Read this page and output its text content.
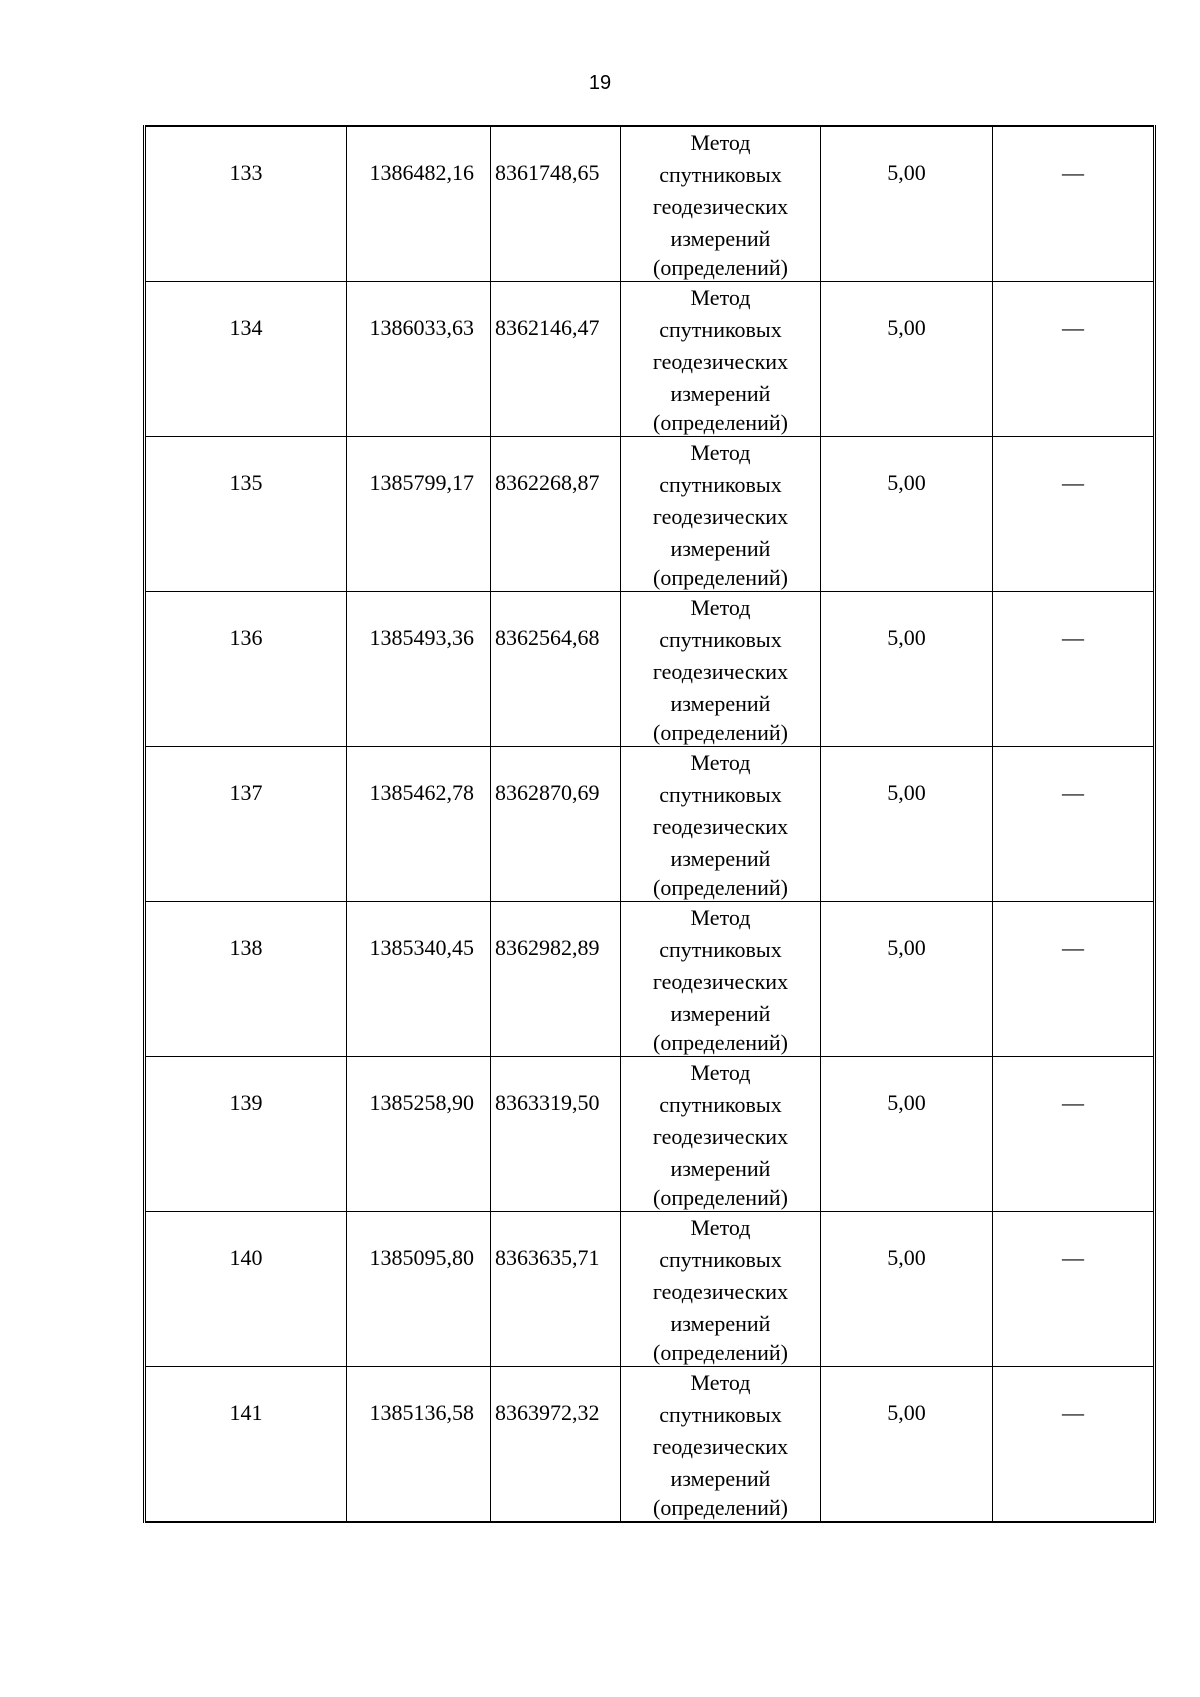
19
133	1386482,16	8361748,65	Метод
спутниковых
геодезических
измерений
(определений)	5,00	—
134	1386033,63	8362146,47	Метод
спутниковых
геодезических
измерений
(определений)	5,00	—
135	1385799,17	8362268,87	Метод
спутниковых
геодезических
измерений
(определений)	5,00	—
136	1385493,36	8362564,68	Метод
спутниковых
геодезических
измерений
(определений)	5,00	—
137	1385462,78	8362870,69	Метод
спутниковых
геодезических
измерений
(определений)	5,00	—
138	1385340,45	8362982,89	Метод
спутниковых
геодезических
измерений
(определений)	5,00	—
139	1385258,90	8363319,50	Метод
спутниковых
геодезических
измерений
(определений)	5,00	—
140	1385095,80	8363635,71	Метод
спутниковых
геодезических
измерений
(определений)	5,00	—
141	1385136,58	8363972,32	Метод
спутниковых
геодезических
измерений
(определений)	5,00	—
